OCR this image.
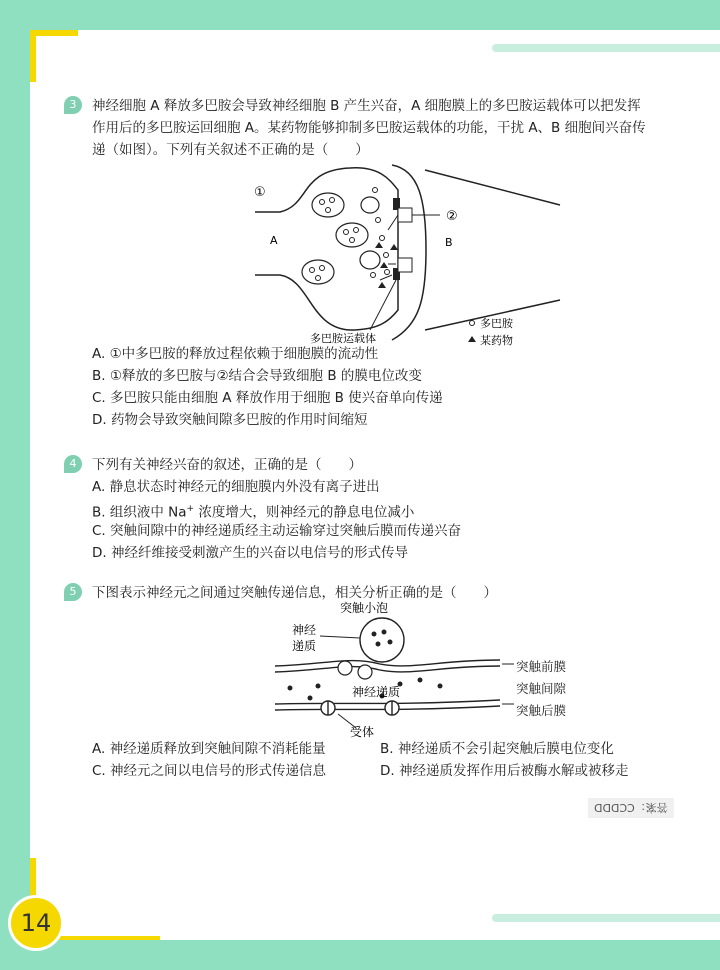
3	神经细胞 A 释放多巴胺会导致神经细胞 B 产生兴奋，A 细胞膜上的多巴胺运载体可以把发挥
作用后的多巴胺运回细胞 A。某药物能够抑制多巴胺运载体的功能，干扰 A、B 细胞间兴奋传
递（如图）。下列有关叙述不正确的是（　　）
①
②
A	B
多巴胺运载体
多巴胺
某药物
A. ①中多巴胺的释放过程依赖于细胞膜的流动性
B. ①释放的多巴胺与②结合会导致细胞 B 的膜电位改变
C. 多巴胺只能由细胞 A 释放作用于细胞 B 使兴奋单向传递
D. 药物会导致突触间隙多巴胺的作用时间缩短
4	下列有关神经兴奋的叙述，正确的是（　　）
A. 静息状态时神经元的细胞膜内外没有离子进出
B. 组织液中 Na+ 浓度增大，则神经元的静息电位减小
C. 突触间隙中的神经递质经主动运输穿过突触后膜而传递兴奋
D. 神经纤维接受刺激产生的兴奋以电信号的形式传导
5	下图表示神经元之间通过突触传递信息，相关分析正确的是（　　）
突触小泡
神经
递质
神经递质
受体
突触前膜
突触间隙
突触后膜
A. 神经递质释放到突触间隙不消耗能量	B. 神经递质不会引起突触后膜电位变化
C. 神经元之间以电信号的形式传递信息	D. 神经递质发挥作用后被酶水解或被移走
答案：CCDDD
14
